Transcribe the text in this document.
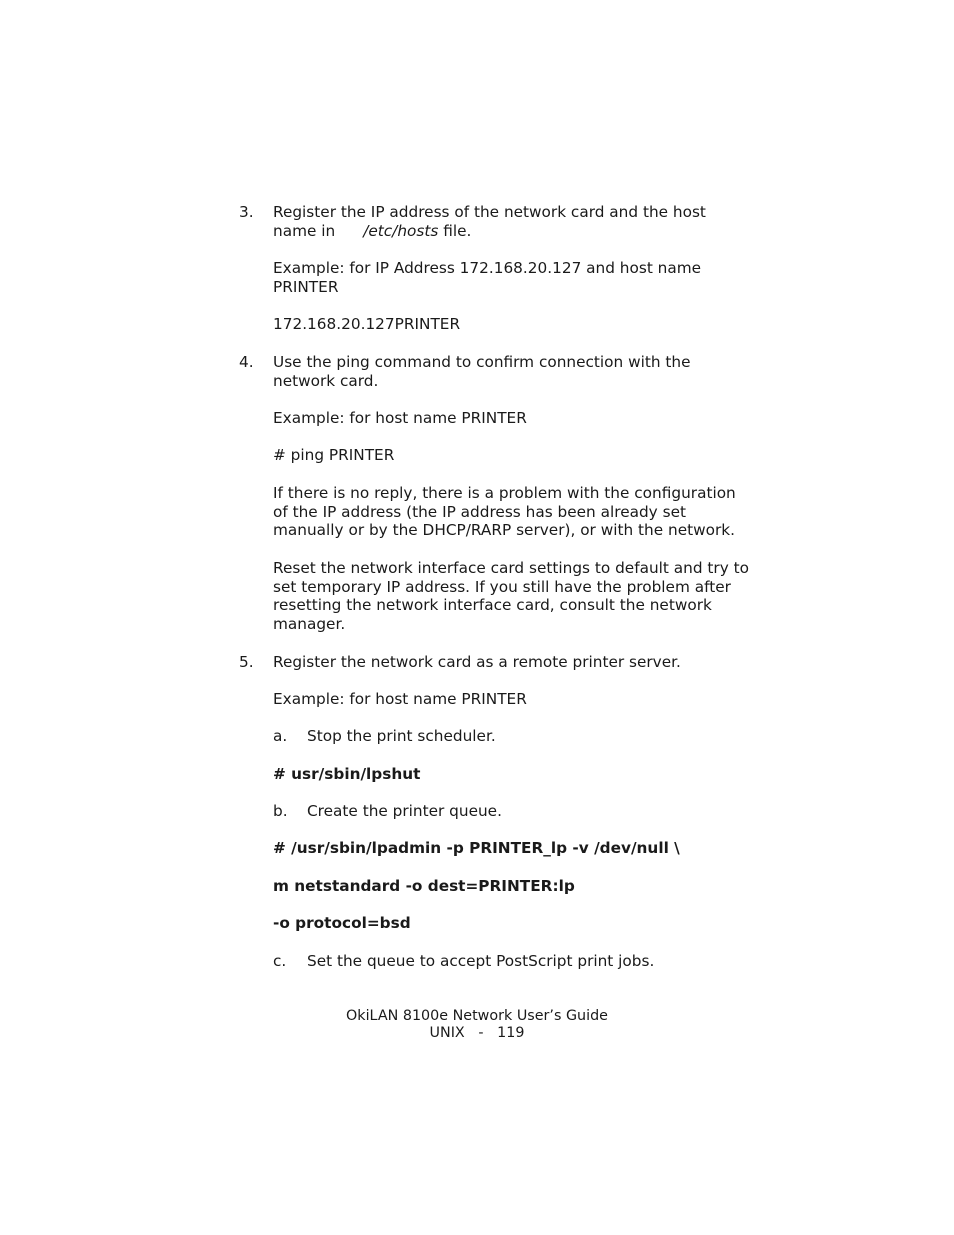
3. Register the IP address of the network card and the host name in /etc/hosts file.
Example: for IP Address 172.168.20.127 and host name PRINTER
172.168.20.127PRINTER
4. Use the ping command to confirm connection with the network card.
Example: for host name PRINTER
# ping PRINTER
If there is no reply, there is a problem with the configuration of the IP address (the IP address has been already set manually or by the DHCP/RARP server), or with the network.
Reset the network interface card settings to default and try to set temporary IP address. If you still have the problem after resetting the network interface card, consult the network manager.
5. Register the network card as a remote printer server.
Example: for host name PRINTER
a. Stop the print scheduler.
# usr/sbin/lpshut
b. Create the printer queue.
# /usr/sbin/lpadmin -p PRINTER_lp -v /dev/null \
m netstandard -o dest=PRINTER:lp
-o protocol=bsd
c. Set the queue to accept PostScript print jobs.
OkiLAN 8100e Network User’s Guide
UNIX   -   119
